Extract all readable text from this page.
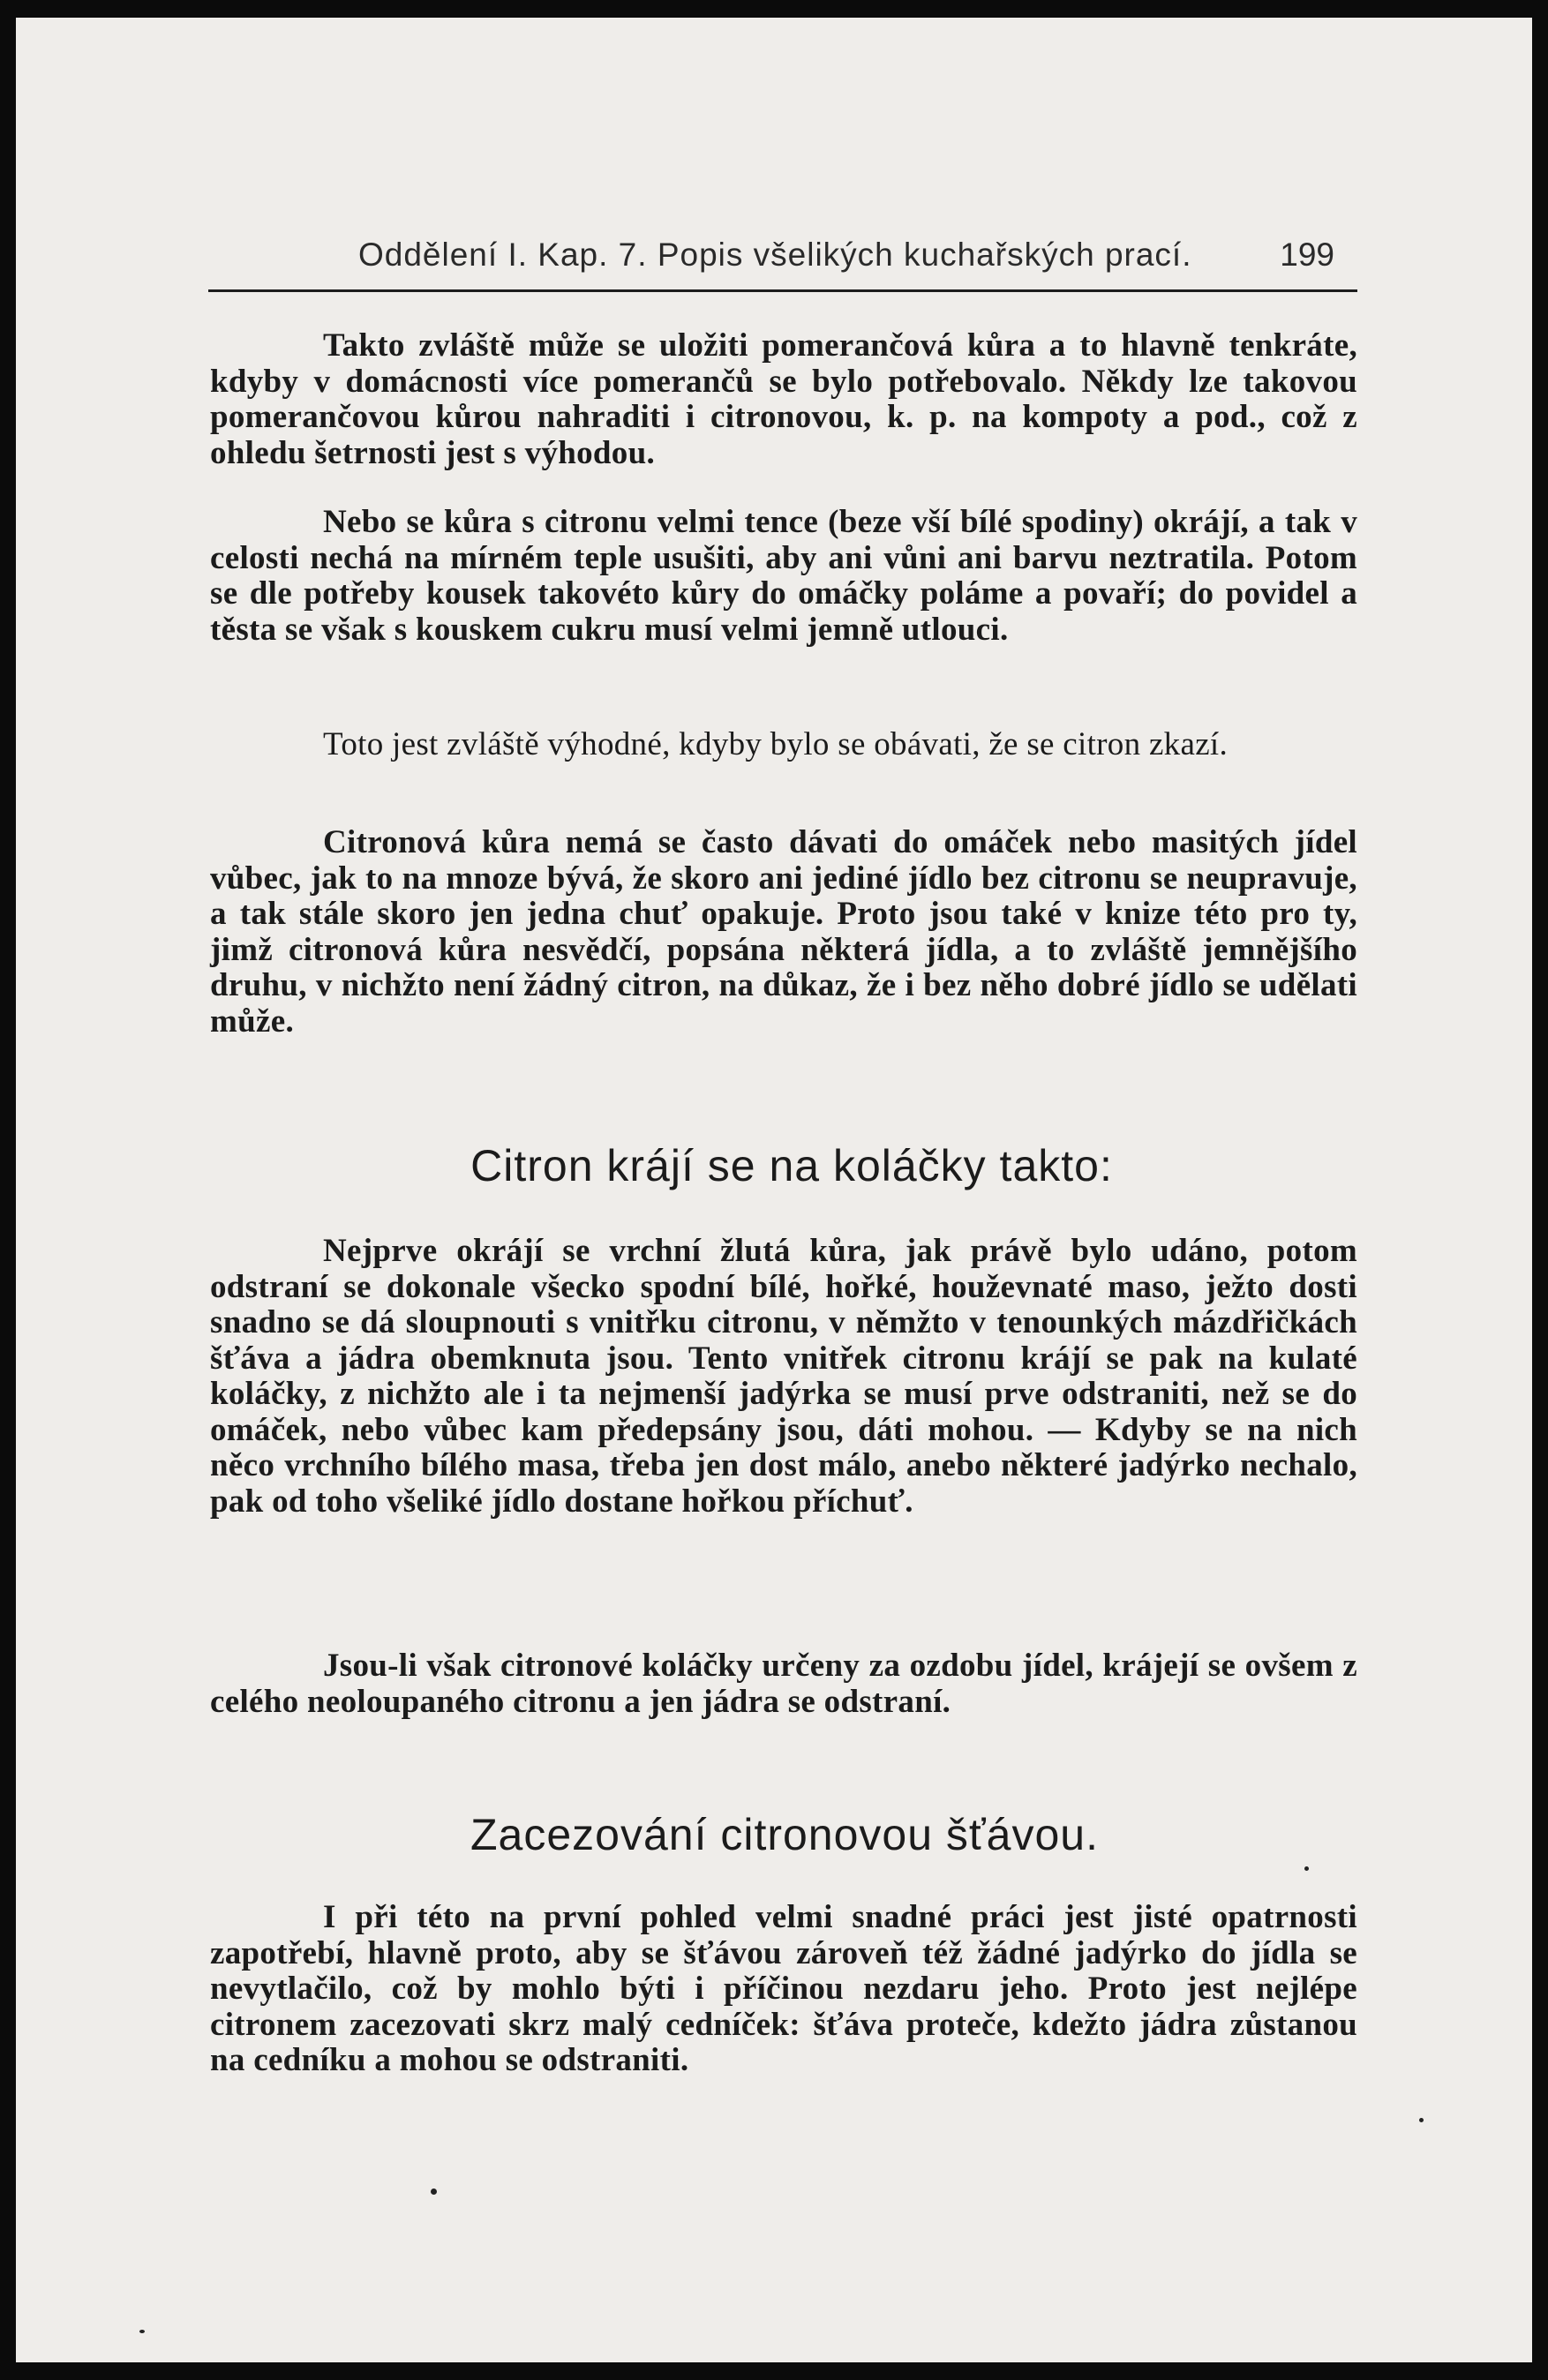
Oddělení I. Kap. 7. Popis všelikých kuchařských prací.	199
Takto zvláště může se uložiti pomerančová kůra a to hlavně tenkráte, kdyby v domácnosti více pomerančů se bylo potřebovalo. Někdy lze takovou pomerančovou kůrou nahraditi i citronovou, k. p. na kompoty a pod., což z ohledu šetrnosti jest s výhodou.
Nebo se kůra s citronu velmi tence (beze vší bílé spodiny) okrájí, a tak v celosti nechá na mírném teple usušiti, aby ani vůni ani barvu neztratila. Potom se dle potřeby kousek takovéto kůry do omáčky poláme a povaří; do povidel a těsta se však s kouskem cukru musí velmi jemně utlouci.
Toto jest zvláště výhodné, kdyby bylo se obávati, že se citron zkazí.
Citronová kůra nemá se často dávati do omáček nebo masitých jídel vůbec, jak to na mnoze bývá, že skoro ani jediné jídlo bez citronu se neupravuje, a tak stále skoro jen jedna chuť opakuje. Proto jsou také v knize této pro ty, jimž citronová kůra nesvědčí, popsána některá jídla, a to zvláště jemnějšího druhu, v nichžto není žádný citron, na důkaz, že i bez něho dobré jídlo se udělati může.
Citron krájí se na koláčky takto:
Nejprve okrájí se vrchní žlutá kůra, jak právě bylo udáno, potom odstraní se dokonale všecko spodní bílé, hořké, houževnaté maso, ježto dosti snadno se dá sloupnouti s vnitřku citronu, v němžto v tenounkých mázdřičkách šťáva a jádra obemknuta jsou. Tento vnitřek citronu krájí se pak na kulaté koláčky, z nichžto ale i ta nejmenší jadýrka se musí prve odstraniti, než se do omáček, nebo vůbec kam předepsány jsou, dáti mohou. — Kdyby se na nich něco vrchního bílého masa, třeba jen dost málo, anebo některé jadýrko nechalo, pak od toho všeliké jídlo dostane hořkou příchuť.
Jsou-li však citronové koláčky určeny za ozdobu jídel, krájejí se ovšem z celého neoloupaného citronu a jen jádra se odstraní.
Zacezování citronovou šťávou.
I při této na první pohled velmi snadné práci jest jisté opatrnosti zapotřebí, hlavně proto, aby se šťávou zároveň též žádné jadýrko do jídla se nevytlačilo, což by mohlo býti i příčinou nezdaru jeho. Proto jest nejlépe citronem zacezovati skrz malý cedníček: šťáva proteče, kdežto jádra zůstanou na cedníku a mohou se odstraniti.
